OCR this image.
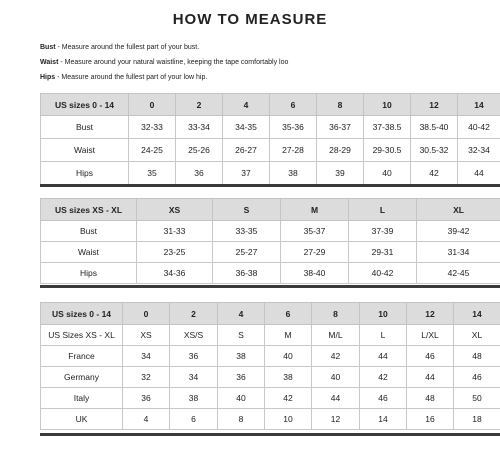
HOW TO MEASURE
Bust - Measure around the fullest part of your bust.
Waist - Measure around your natural waistline, keeping the tape comfortably loo
Hips - Measure around the fullest part of your low hip.
US sizes 0 - 14	0	2	4	6	8	10	12	14
Bust	32-33	33-34	34-35	35-36	36-37	37-38.5	38.5-40	40-42
Waist	24-25	25-26	26-27	27-28	28-29	29-30.5	30.5-32	32-34
Hips	35	36	37	38	39	40	42	44
US sizes XS - XL	XS	S	M	L	XL
Bust	31-33	33-35	35-37	37-39	39-42
Waist	23-25	25-27	27-29	29-31	31-34
Hips	34-36	36-38	38-40	40-42	42-45
US sizes 0 - 14	0	2	4	6	8	10	12	14
US Sizes XS - XL	XS	XS/S	S	M	M/L	L	L/XL	XL
France	34	36	38	40	42	44	46	48
Germany	32	34	36	38	40	42	44	46
Italy	36	38	40	42	44	46	48	50
UK	4	6	8	10	12	14	16	18
